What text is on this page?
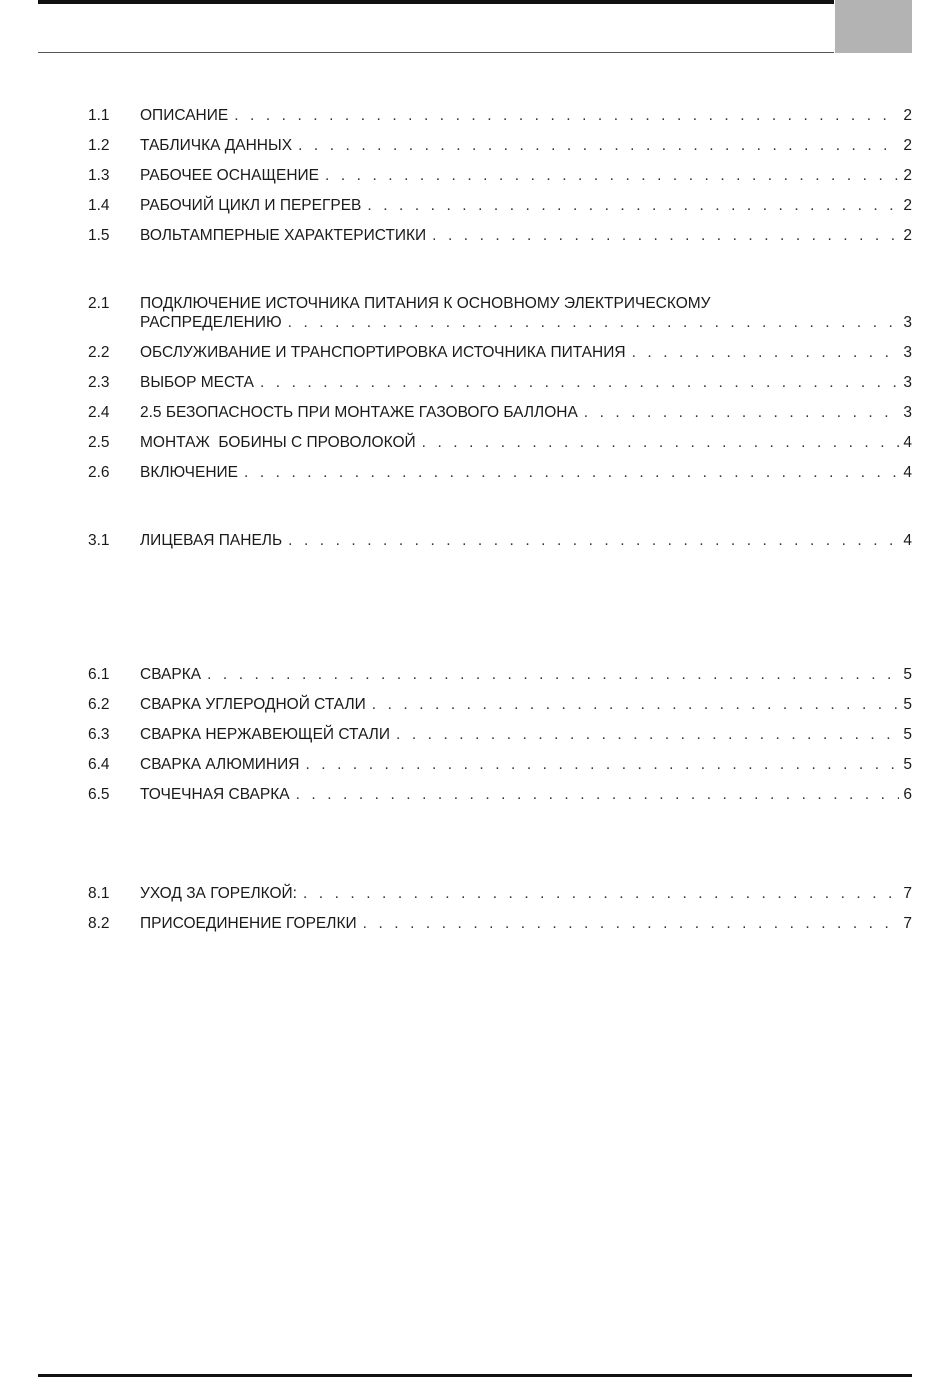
1.1	ОПИСАНИЕ . . .	2
1.2	ТАБЛИЧКА ДАННЫХ . . .	2
1.3	РАБОЧЕЕ ОСНАЩЕНИЕ . . .	2
1.4	РАБОЧИЙ ЦИКЛ И ПЕРЕГРЕВ . . .	2
1.5	ВОЛЬТАМПЕРНЫЕ ХАРАКТЕРИСТИКИ . . .	2
2.1	ПОДКЛЮЧЕНИЕ ИСТОЧНИКА ПИТАНИЯ К ОСНОВНОМУ ЭЛЕКТРИЧЕСКОМУ
РАСПРЕДЕЛЕНИЮ . . .	3
2.2	ОБСЛУЖИВАНИЕ И ТРАНСПОРТИРОВКА ИСТОЧНИКА ПИТАНИЯ . . .	3
2.3	ВЫБОР МЕСТА . . .	3
2.4	2.5 БЕЗОПАСНОСТЬ ПРИ МОНТАЖЕ ГАЗОВОГО БАЛЛОНА . . .	3
2.5	МОНТАЖ  БОБИНЫ С ПРОВОЛОКОЙ . . .	4
2.6	ВКЛЮЧЕНИЕ . . .	4
3.1	ЛИЦЕВАЯ ПАНЕЛЬ . . .	4
6.1	СВАРКА . . .	5
6.2	СВАРКА УГЛЕРОДНОЙ СТАЛИ . . .	5
6.3	СВАРКА НЕРЖАВЕЮЩЕЙ СТАЛИ . . .	5
6.4	СВАРКА АЛЮМИНИЯ . . .	5
6.5	ТОЧЕЧНАЯ СВАРКА . . .	6
8.1	УХОД ЗА ГОРЕЛКОЙ: . . .	7
8.2	ПРИСОЕДИНЕНИЕ ГОРЕЛКИ . . .	7
